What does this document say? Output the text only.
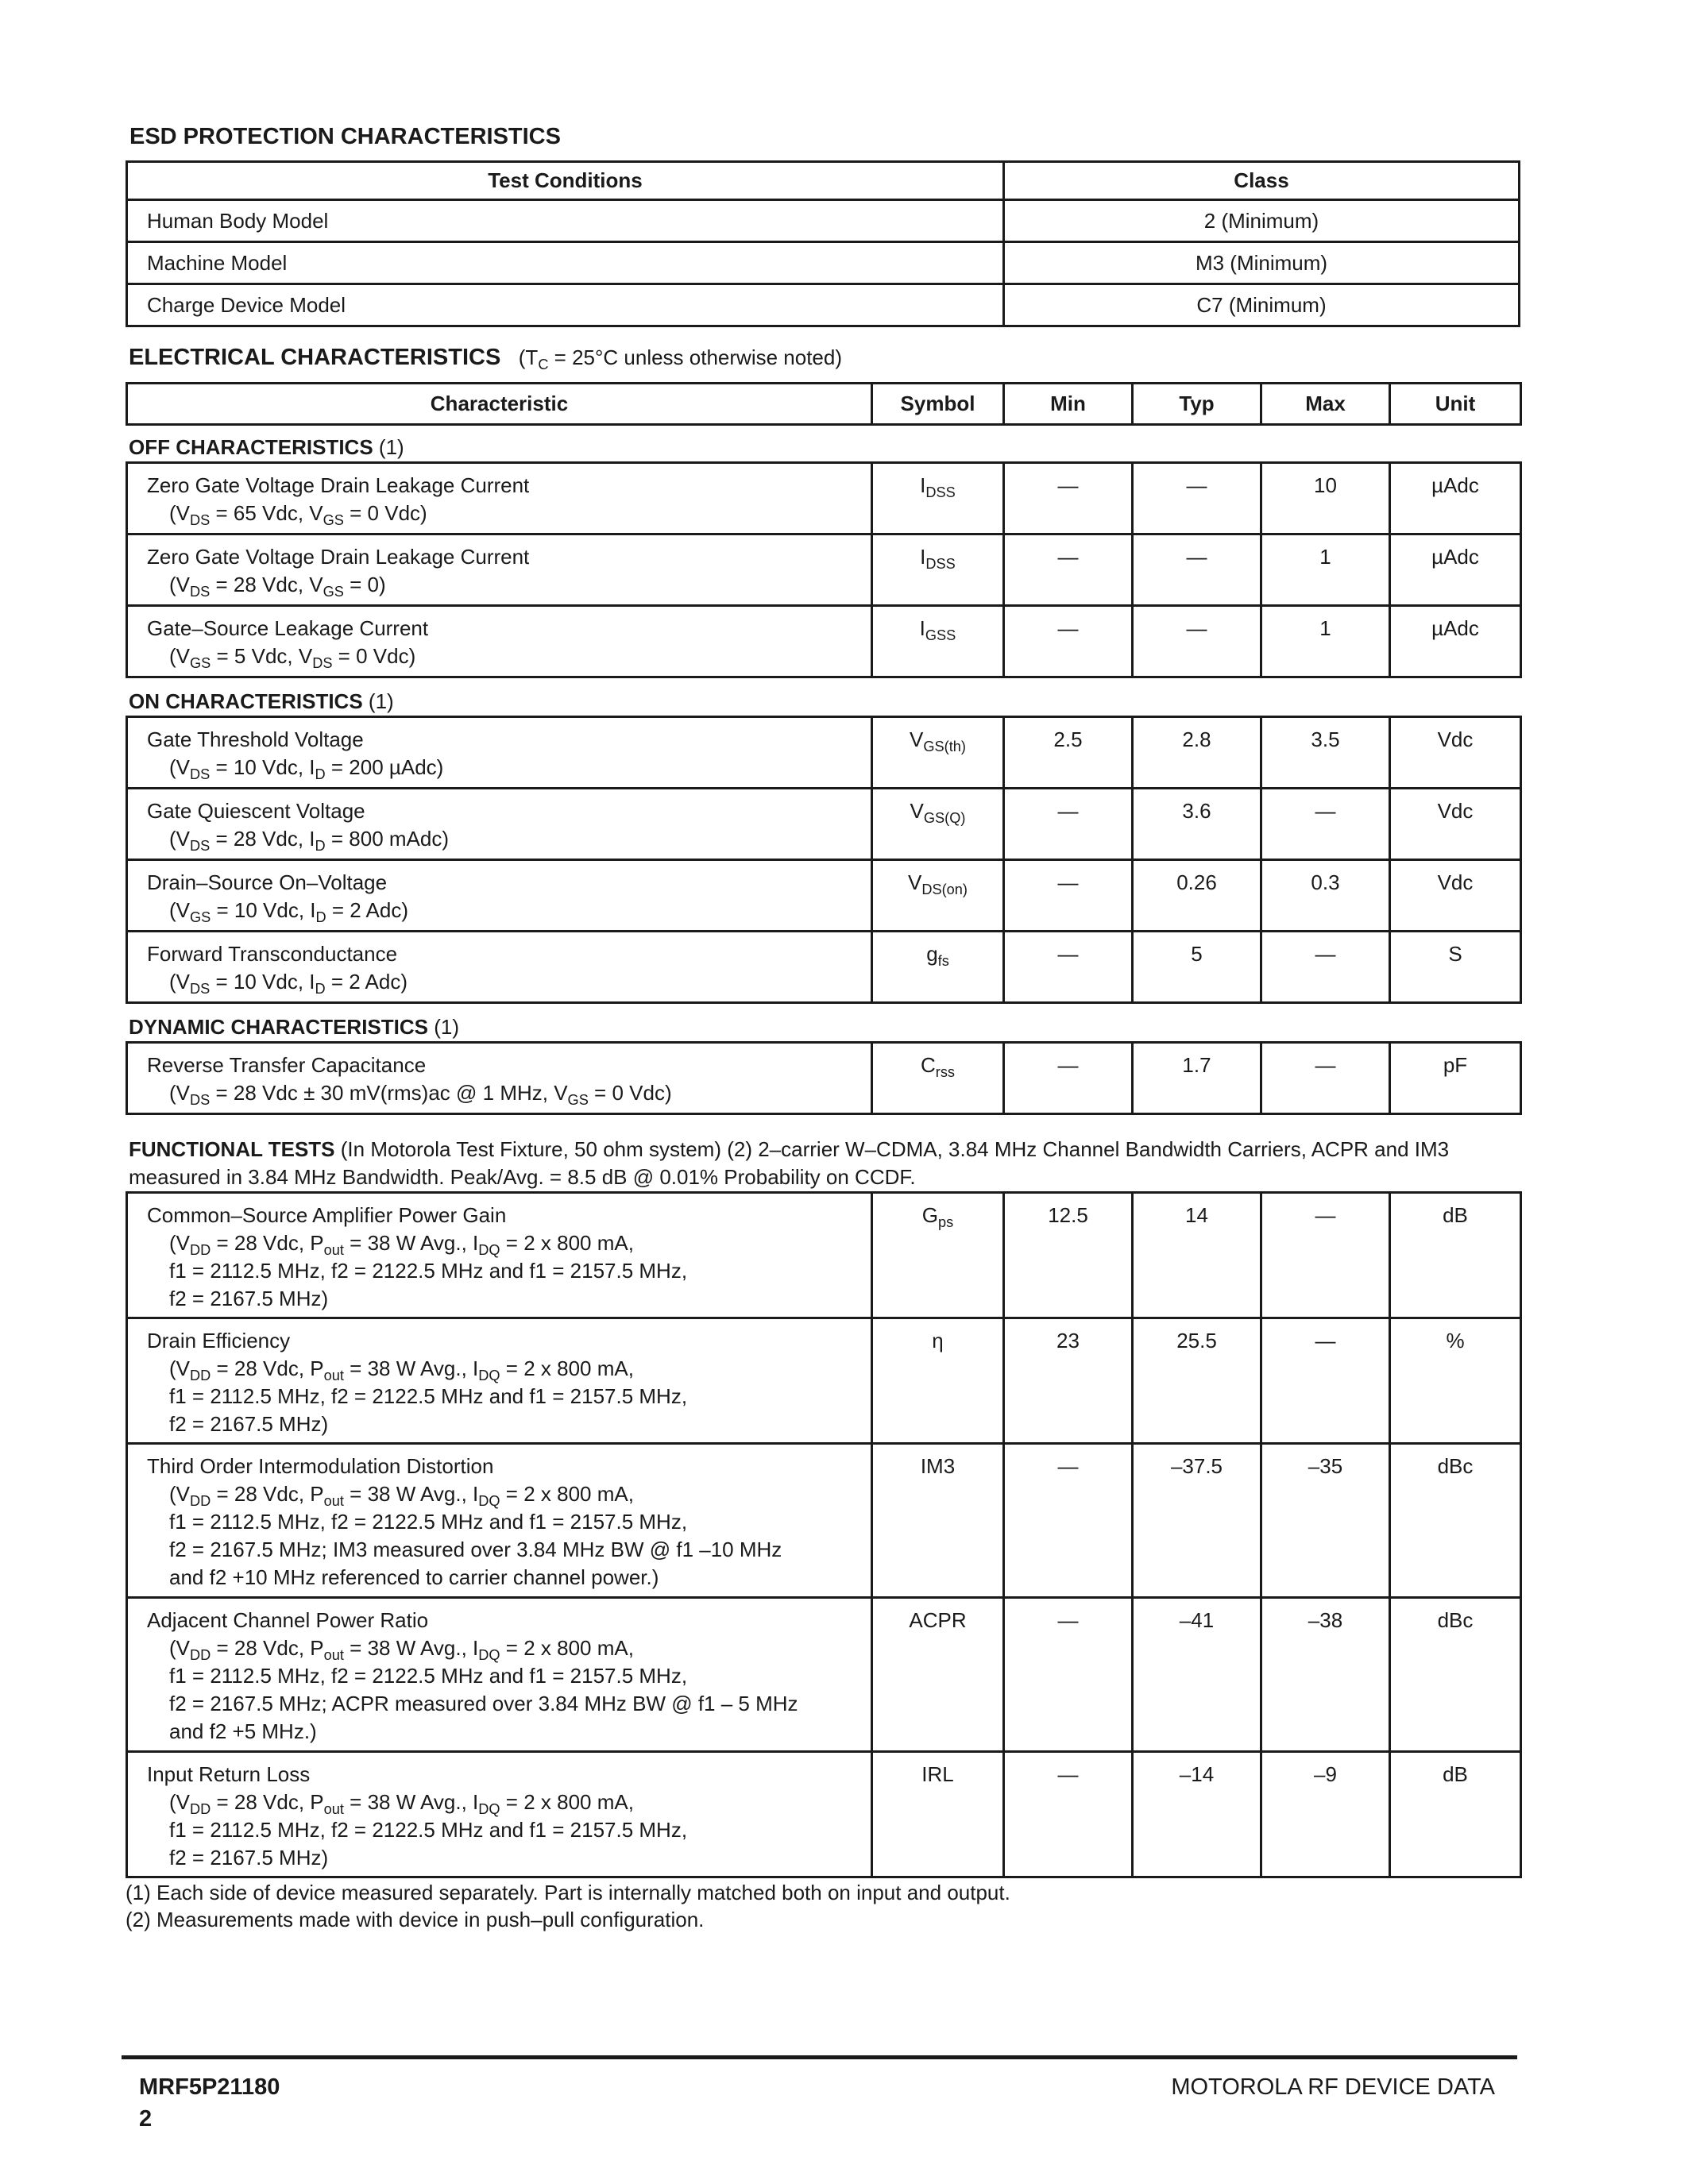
ESD PROTECTION CHARACTERISTICS
Test Conditions	Class
Human Body Model	2 (Minimum)
Machine Model	M3 (Minimum)
Charge Device Model	C7 (Minimum)
ELECTRICAL CHARACTERISTICS ($T_C = 25^\circ C$ unless otherwise noted)
Characteristic	Symbol	Min	Typ	Max	Unit
OFF CHARACTERISTICS (1)
Zero Gate Voltage Drain Leakage Current
($V_{DS} = 65$ Vdc, $V_{GS} = 0$ Vdc)	$I_{DSS}$	—	—	10	µAdc
Zero Gate Voltage Drain Leakage Current
($V_{DS} = 28$ Vdc, $V_{GS} = 0$)	$I_{DSS}$	—	—	1	µAdc
Gate–Source Leakage Current
($V_{GS} = 5$ Vdc, $V_{DS} = 0$ Vdc)	$I_{GSS}$	—	—	1	µAdc
ON CHARACTERISTICS (1)
Gate Threshold Voltage
($V_{DS} = 10$ Vdc, $I_D = 200$ µAdc)	$V_{GS(th)}$	2.5	2.8	3.5	Vdc
Gate Quiescent Voltage
($V_{DS} = 28$ Vdc, $I_D = 800$ mAdc)	$V_{GS(Q)}$	—	3.6	—	Vdc
Drain–Source On–Voltage
($V_{GS} = 10$ Vdc, $I_D = 2$ Adc)	$V_{DS(on)}$	—	0.26	0.3	Vdc
Forward Transconductance
($V_{DS} = 10$ Vdc, $I_D = 2$ Adc)	$g_{fs}$	—	5	—	S
DYNAMIC CHARACTERISTICS (1)
Reverse Transfer Capacitance
($V_{DS} = 28$ Vdc ± 30 mV(rms)ac @ 1 MHz, $V_{GS} = 0$ Vdc)
	$C_{rss}$	—	1.7	—	pF
FUNCTIONAL TESTS (In Motorola Test Fixture, 50 ohm system) (2) 2–carrier W–CDMA, 3.84 MHz Channel Bandwidth Carriers, ACPR and IM3 measured in 3.84 MHz Bandwidth. Peak/Avg. = 8.5 dB @ 0.01% Probability on CCDF.
Common–Source Amplifier Power Gain
($V_{DD} = 28$ Vdc, $P_{out} = 38$ W Avg., $I_{DQ} = 2$ x 800 mA,
f1 = 2112.5 MHz, f2 = 2122.5 MHz and f1 = 2157.5 MHz,
f2 = 2167.5 MHz)	$G_{ps}$	12.5	14	—	dB
Drain Efficiency
($V_{DD} = 28$ Vdc, $P_{out} = 38$ W Avg., $I_{DQ} = 2$ x 800 mA,
f1 = 2112.5 MHz, f2 = 2122.5 MHz and f1 = 2157.5 MHz,
f2 = 2167.5 MHz)	η	23	25.5	—	%
Third Order Intermodulation Distortion
($V_{DD} = 28$ Vdc, $P_{out} = 38$ W Avg., $I_{DQ} = 2$ x 800 mA,
f1 = 2112.5 MHz, f2 = 2122.5 MHz and f1 = 2157.5 MHz,
f2 = 2167.5 MHz; IM3 measured over 3.84 MHz BW @ f1 –10 MHz
and f2 +10 MHz referenced to carrier channel power.)	IM3	—	–37.5	–35	dBc
Adjacent Channel Power Ratio
($V_{DD} = 28$ Vdc, $P_{out} = 38$ W Avg., $I_{DQ} = 2$ x 800 mA,
f1 = 2112.5 MHz, f2 = 2122.5 MHz and f1 = 2157.5 MHz,
f2 = 2167.5 MHz; ACPR measured over 3.84 MHz BW @ f1 – 5 MHz
and f2 +5 MHz.)	ACPR	—	–41	–38	dBc
Input Return Loss
($V_{DD} = 28$ Vdc, $P_{out} = 38$ W Avg., $I_{DQ} = 2$ x 800 mA,
f1 = 2112.5 MHz, f2 = 2122.5 MHz and f1 = 2157.5 MHz,
f2 = 2167.5 MHz)	IRL	—	–14	–9	dB
(1) Each side of device measured separately. Part is internally matched both on input and output.
(2) Measurements made with device in push–pull configuration.
MRF5P21180
2
MOTOROLA RF DEVICE DATA
